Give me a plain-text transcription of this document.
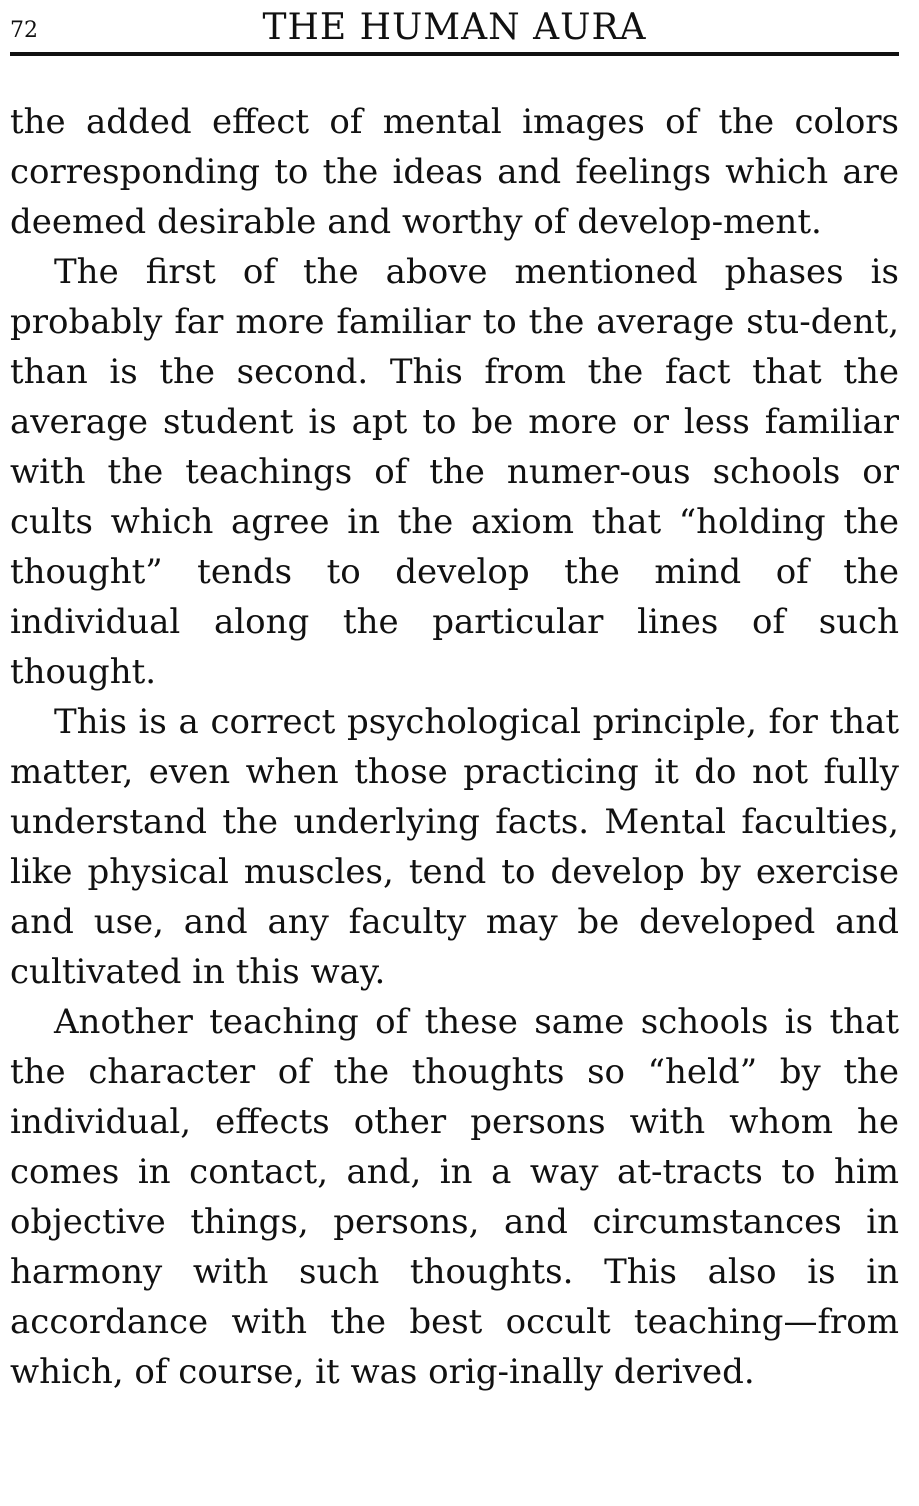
72	THE HUMAN AURA

the added effect of mental images of the colors corresponding to the ideas and feelings which are deemed desirable and worthy of develop-ment.

The first of the above mentioned phases is probably far more familiar to the average stu-dent, than is the second. This from the fact that the average student is apt to be more or less familiar with the teachings of the numer-ous schools or cults which agree in the axiom that “holding the thought” tends to develop the mind of the individual along the particular lines of such thought.

This is a correct psychological principle, for that matter, even when those practicing it do not fully understand the underlying facts. Mental faculties, like physical muscles, tend to develop by exercise and use, and any faculty may be developed and cultivated in this way.

Another teaching of these same schools is that the character of the thoughts so “held” by the individual, effects other persons with whom he comes in contact, and, in a way at-tracts to him objective things, persons, and circumstances in harmony with such thoughts. This also is in accordance with the best occult teaching—from which, of course, it was orig-inally derived.
